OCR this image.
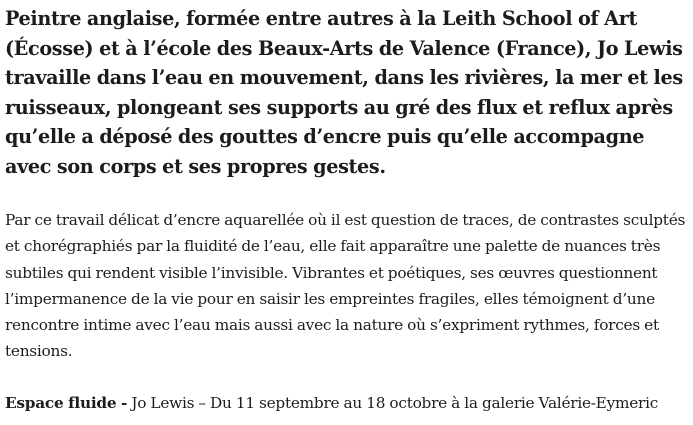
Peintre anglaise, formée entre autres à la Leith School of Art (Écosse) et à l’école des Beaux-Arts de Valence (France), Jo Lewis travaille dans l’eau en mouvement, dans les rivières, la mer et les ruisseaux, plongeant ses supports au gré des flux et reflux après qu’elle a déposé des gouttes d’encre puis qu’elle accompagne avec son corps et ses propres gestes.

Par ce travail délicat d’encre aquarellée où il est question de traces, de contrastes sculptés et chorégraphiés par la fluidité de l’eau, elle fait apparaître une palette de nuances très subtiles qui rendent visible l’invisible. Vibrantes et poétiques, ses œuvres questionnent l’impermanence de la vie pour en saisir les empreintes fragiles, elles témoignent d’une rencontre intime avec l’eau mais aussi avec la nature où s’expriment rythmes, forces et tensions.

Espace fluide - Jo Lewis – Du 11 septembre au 18 octobre à la galerie Valérie-Eymeric
